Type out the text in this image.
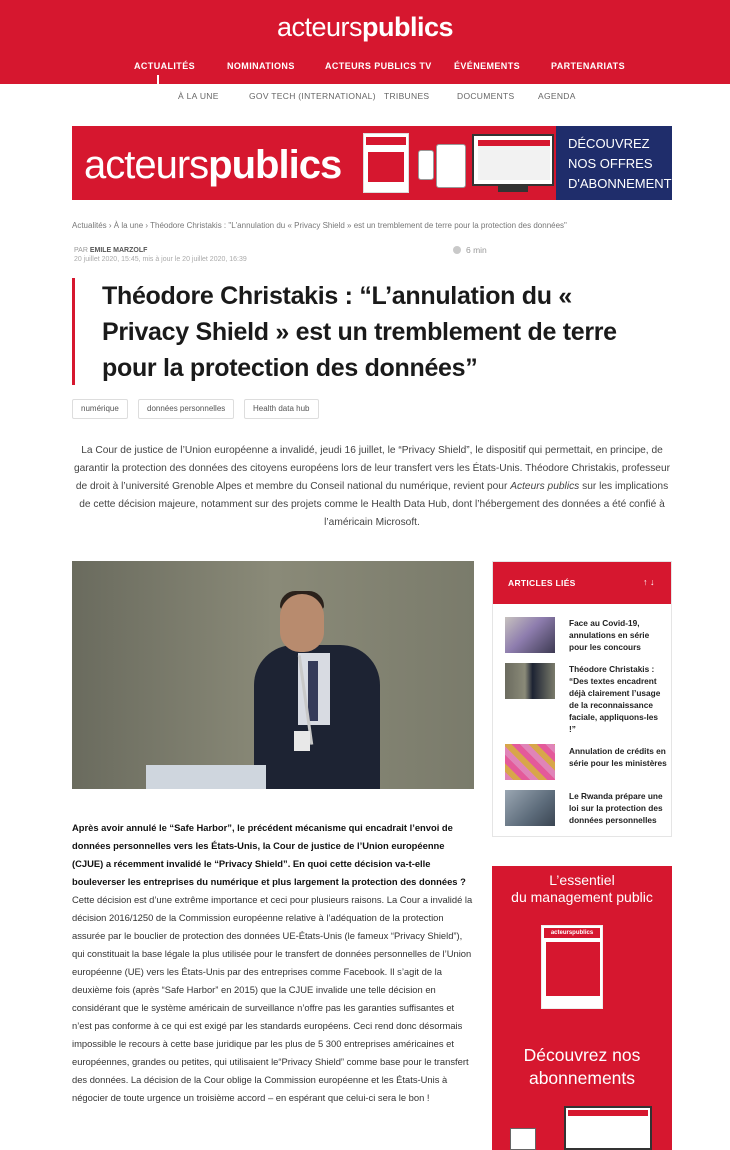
acteurspublics
ACTUALITÉS	NOMINATIONS	ACTEURS PUBLICS TV ÉVÉNEMENTS	PARTENARIATS
À LA UNE	GOV TECH (INTERNATIONAL) TRIBUNES	DOCUMENTS	AGENDA
acteurspublics	DÉCOUVREZ
NOS OFFRES
D'ABONNEMENT
Actualités › À la une › Théodore Christakis : "L'annulation du « Privacy Shield » est un tremblement de terre pour la protection des données"
PAR EMILE MARZOLF
20 juillet 2020, 15:45, mis à jour le 20 juillet 2020, 16:39
6 min
Théodore Christakis : “L’annulation du « Privacy Shield » est un tremblement de terre pour la protection des données”
numérique	données personnelles	Health data hub

La Cour de justice de l’Union européenne a invalidé, jeudi 16 juillet, le “Privacy Shield”, le dispositif qui permettait, en principe, de garantir la protection des données des citoyens européens lors de leur transfert vers les États-Unis. Théodore Christakis, professeur de droit à l’université Grenoble Alpes et membre du Conseil national du numérique, revient pour Acteurs publics sur les implications de cette décision majeure, notamment sur des projets comme le Health Data Hub, dont l’hébergement des données a été confié à l’américain Microsoft.

Après avoir annulé le “Safe Harbor”, le précédent mécanisme qui encadrait l’envoi de données personnelles vers les États-Unis, la Cour de justice de l’Union européenne (CJUE) a récemment invalidé le “Privacy Shield”. En quoi cette décision va-t-elle bouleverser les entreprises du numérique et plus largement la protection des données ?

Cette décision est d’une extrême importance et ceci pour plusieurs raisons. La Cour a invalidé la décision 2016/1250 de la Commission européenne relative à l’adéquation de la protection assurée par le bouclier de protection des données UE-États-Unis (le fameux “Privacy Shield”), qui constituait la base légale la plus utilisée pour le transfert de données personnelles de l’Union européenne (UE) vers les États-Unis par des entreprises comme Facebook. Il s’agit de la deuxième fois (après “Safe Harbor” en 2015) que la CJUE invalide une telle décision en considérant que le système américain de surveillance n’offre pas les garanties suffisantes et n’est pas conforme à ce qui est exigé par les standards européens. Ceci rend donc désormais impossible le recours à cette base juridique par les plus de 5 300 entreprises américaines et européennes, grandes ou petites, qui utilisaient le“Privacy Shield” comme base pour le transfert des données. La décision de la Cour oblige la Commission européenne et les États-Unis à négocier de toute urgence un troisième accord – en espérant que celui-ci sera le bon !

ARTICLES LIÉS	↑ ↓
Face au Covid-19, annulations en série pour les concours
Théodore Christakis : “Des textes encadrent déjà clairement l’usage de la reconnaissance faciale, appliquons-les !”
Annulation de crédits en série pour les ministères
Le Rwanda prépare une loi sur la protection des données personnelles
L’essentiel
du management public
acteurspublics
Découvrez nos
abonnements
